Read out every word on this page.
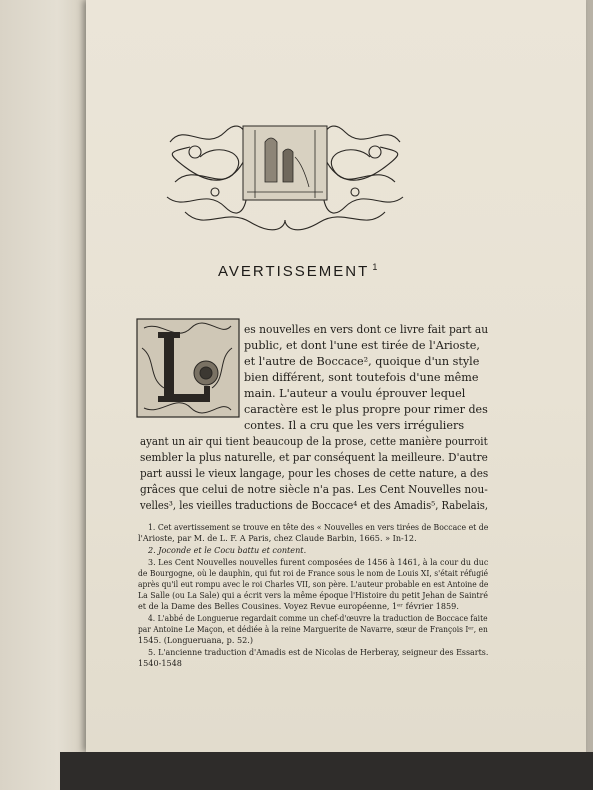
AVERTISSEMENT $^1$
es nouvelles en vers dont ce livre fait part au
public, et dont l'une est tirée de l'Arioste,
et l'autre de Boccace², quoique d'un style
bien différent, sont toutefois d'une même
main. L'auteur a voulu éprouver lequel
caractère est le plus propre pour rimer des
contes. Il a cru que les vers irréguliers
ayant un air qui tient beaucoup de la prose, cette manière pourroit
sembler la plus naturelle, et par conséquent la meilleure. D'autre
part aussi le vieux langage, pour les choses de cette nature, a des
grâces que celui de notre siècle n'a pas. Les Cent Nouvelles nou-
velles³, les vieilles traductions de Boccace⁴ et des Amadis⁵, Rabelais,
1. Cet avertissement se trouve en tête des « Nouvelles en vers tirées de Boccace et de
l'Arioste, par M. de L. F. A Paris, chez Claude Barbin, 1665. » In-12.
2. Joconde et le Cocu battu et content.
3. Les Cent Nouvelles nouvelles furent composées de 1456 à 1461, à la cour du duc
de Bourgogne, où le dauphin, qui fut roi de France sous le nom de Louis XI, s'était réfugié
après qu'il eut rompu avec le roi Charles VII, son père. L'auteur probable en est Antoine de
La Salle (ou La Sale) qui a écrit vers la même époque l'Histoire du petit Jehan de Saintré
et de la Dame des Belles Cousines. Voyez Revue européenne, 1ᵉʳ février 1859.
4. L'abbé de Longuerue regardait comme un chef-d'œuvre la traduction de Boccace faite
par Antoine Le Maçon, et dédiée à la reine Marguerite de Navarre, sœur de François Iᵉʳ, en
1545. (Longueruana, p. 52.)
5. L'ancienne traduction d'Amadis est de Nicolas de Herberay, seigneur des Essarts.
1540-1548
